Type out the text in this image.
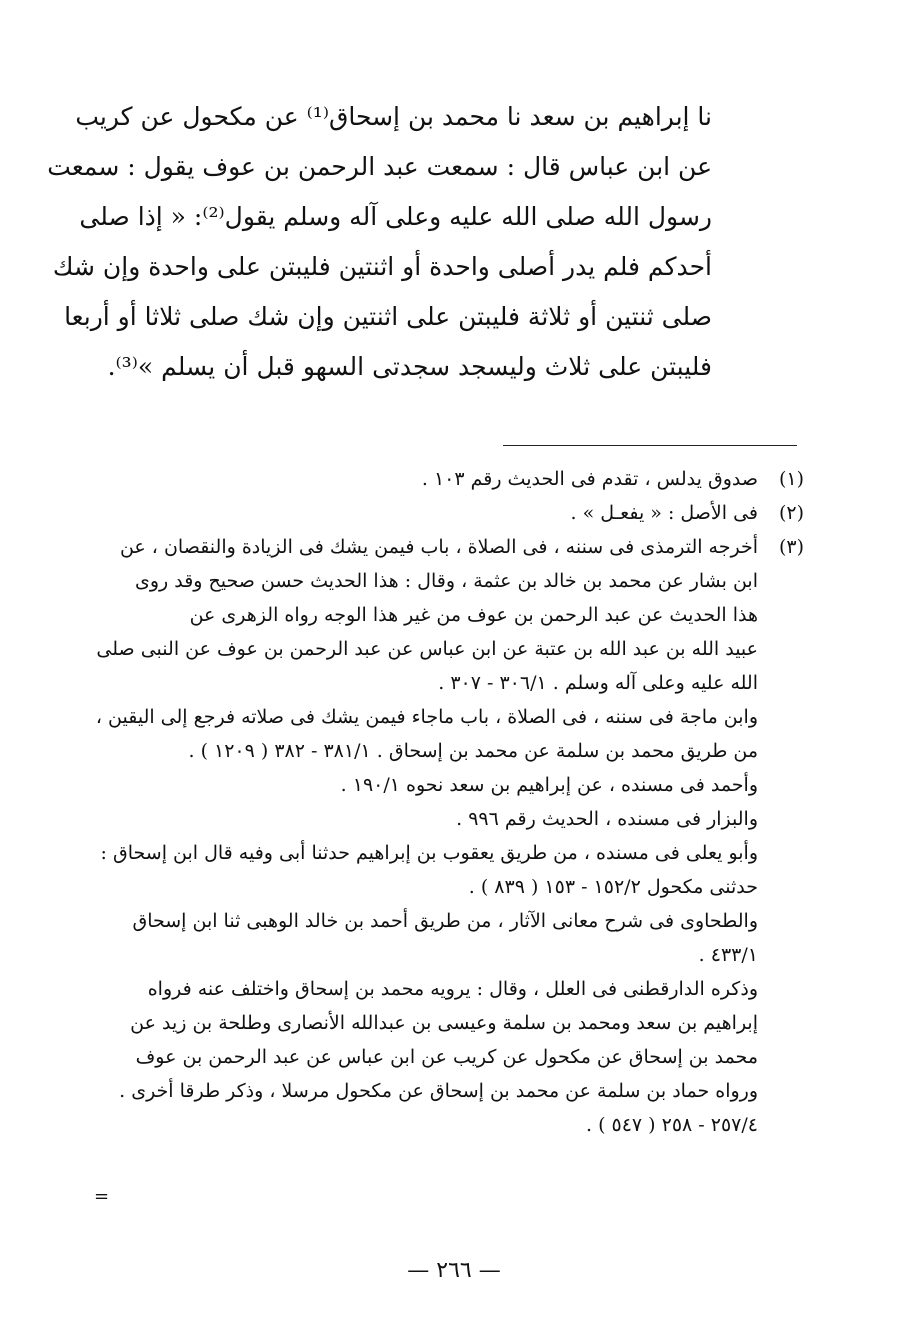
نا إبراهيم بن سعد نا محمد بن إسحاق⁽¹⁾ عن مكحول عن كريب
عن ابن عباس قال : سمعت عبد الرحمن بن عوف يقول : سمعت
رسول الله صلى الله عليه وعلى آله وسلم يقول⁽²⁾: « إذا صلى
أحدكم فلم يدر أصلى واحدة أو اثنتين فليبتن على واحدة وإن شك
صلى ثنتين أو ثلاثة فليبتن على اثنتين وإن شك صلى ثلاثا أو أربعا
فليبتن على ثلاث وليسجد سجدتى السهو قبل أن يسلم »⁽³⁾.
(١)
صدوق يدلس ، تقدم فى الحديث رقم ١٠٣ .
(٢)
فى الأصل : « يفعـل » .
(٣)
أخرجه الترمذى فى سننه ، فى الصلاة ، باب فيمن يشك فى الزيادة والنقصان ، عن
ابن بشار عن محمد بن خالد بن عثمة ، وقال : هذا الحديث حسن صحيح وقد روى
هذا الحديث عن عبد الرحمن بن عوف من غير هذا الوجه رواه الزهرى عن
عبيد الله بن عبد الله بن عتبة عن ابن عباس عن عبد الرحمن بن عوف عن النبى صلى
الله عليه وعلى آله وسلم . ٣٠٦/١ - ٣٠٧ .
وابن ماجة فى سننه ، فى الصلاة ، باب ماجاء فيمن يشك فى صلاته فرجع إلى اليقين ،
من طريق محمد بن سلمة عن محمد بن إسحاق . ٣٨١/١ - ٣٨٢ ( ١٢٠٩ ) .
وأحمد فى مسنده ، عن إبراهيم بن سعد نحوه ١٩٠/١ .
والبزار فى مسنده ، الحديث رقم ٩٩٦ .
وأبو يعلى فى مسنده ، من طريق يعقوب بن إبراهيم حدثنا أبى وفيه قال ابن إسحاق :
حدثنى مكحول ١٥٢/٢ - ١٥٣ ( ٨٣٩ ) .
والطحاوى فى شرح معانى الآثار ، من طريق أحمد بن خالد الوهبى ثنا ابن إسحاق
٤٣٣/١ .
وذكره الدارقطنى فى العلل ، وقال : يرويه محمد بن إسحاق واختلف عنه فرواه
إبراهيم بن سعد ومحمد بن سلمة وعيسى بن عبدالله الأنصارى وطلحة بن زيد عن
محمد بن إسحاق عن مكحول عن كريب عن ابن عباس عن عبد الرحمن بن عوف
ورواه حماد بن سلمة عن محمد بن إسحاق عن مكحول مرسلا ، وذكر طرقا أخرى .
٢٥٧/٤ - ٢٥٨ ( ٥٤٧ ) .
=
— ٢٦٦ —
